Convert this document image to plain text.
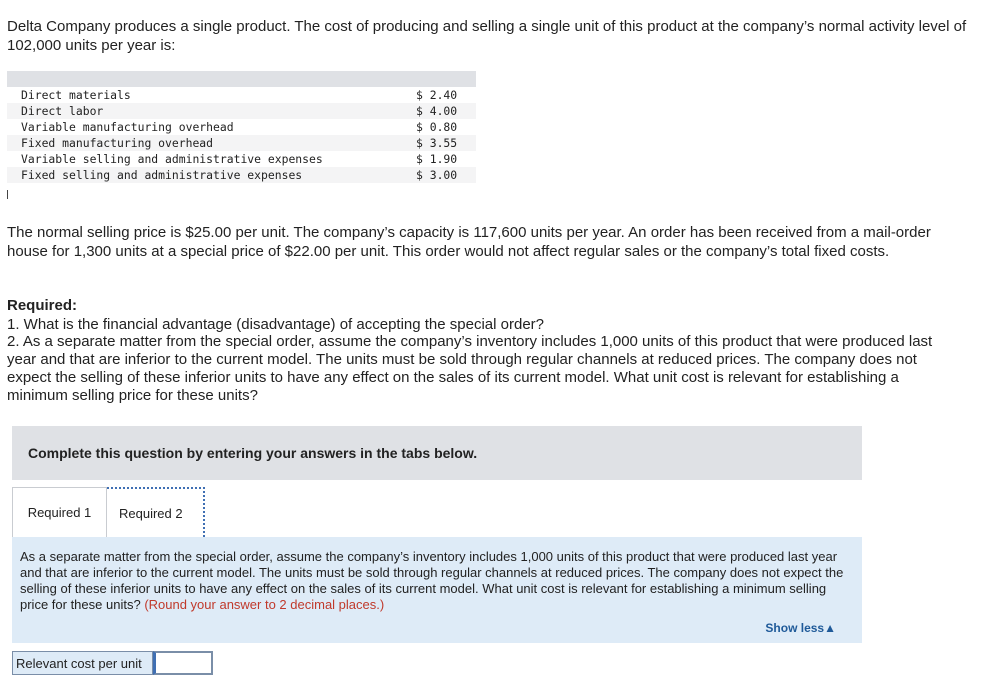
Delta Company produces a single product. The cost of producing and selling a single unit of this product at the company’s normal activity level of 102,000 units per year is:

Direct materials	$ 2.40
Direct labor	$ 4.00
Variable manufacturing overhead	$ 0.80
Fixed manufacturing overhead	$ 3.55
Variable selling and administrative expenses	$ 1.90
Fixed selling and administrative expenses	$ 3.00

The normal selling price is $25.00 per unit. The company’s capacity is 117,600 units per year. An order has been received from a mail-order house for 1,300 units at a special price of $22.00 per unit. This order would not affect regular sales or the company’s total fixed costs.

Required:

1. What is the financial advantage (disadvantage) of accepting the special order?

2. As a separate matter from the special order, assume the company’s inventory includes 1,000 units of this product that were produced last year and that are inferior to the current model. The units must be sold through regular channels at reduced prices. The company does not expect the selling of these inferior units to have any effect on the sales of its current model. What unit cost is relevant for establishing a minimum selling price for these units?

Complete this question by entering your answers in the tabs below.
Required 1	Required 2

As a separate matter from the special order, assume the company’s inventory includes 1,000 units of this product that were produced last year and that are inferior to the current model. The units must be sold through regular channels at reduced prices. The company does not expect the selling of these inferior units to have any effect on the sales of its current model. What unit cost is relevant for establishing a minimum selling price for these units? (Round your answer to 2 decimal places.)

Show less▲
Relevant cost per unit
